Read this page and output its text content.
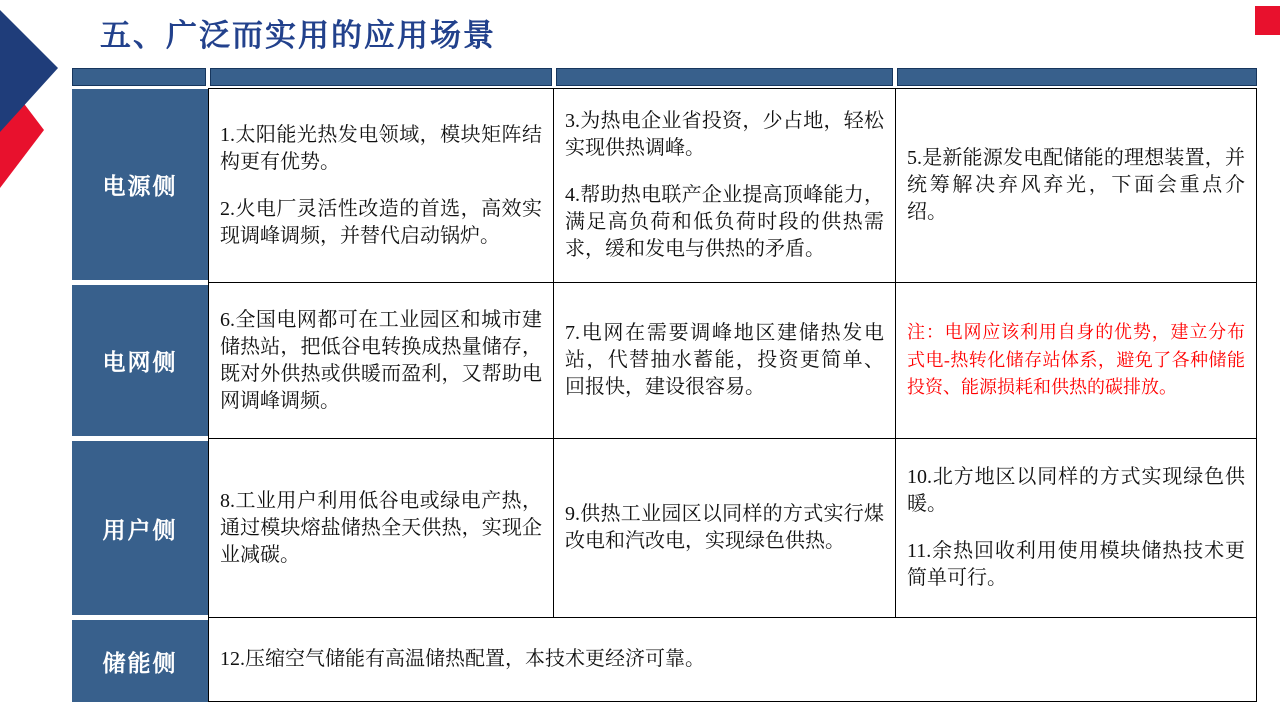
五、广泛而实用的应用场景
电源侧
电网侧
用户侧
储能侧

1.太阳能光热发电领域，模块矩阵结构更有优势。

2.火电厂灵活性改造的首选，高效实现调峰调频，并替代启动锅炉。

3.为热电企业省投资，少占地，轻松实现供热调峰。

4.帮助热电联产企业提高顶峰能力，满足高负荷和低负荷时段的供热需求，缓和发电与供热的矛盾。

5.是新能源发电配储能的理想装置，并统筹解决弃风弃光，下面会重点介绍。

6.全国电网都可在工业园区和城市建储热站，把低谷电转换成热量储存，既对外供热或供暖而盈利，又帮助电网调峰调频。

7.电网在需要调峰地区建储热发电站，代替抽水蓄能，投资更简单、回报快，建设很容易。

注：电网应该利用自身的优势，建立分布式电-热转化储存站体系，避免了各种储能投资、能源损耗和供热的碳排放。

8.工业用户利用低谷电或绿电产热，通过模块熔盐储热全天供热，实现企业减碳。

9.供热工业园区以同样的方式实行煤改电和汽改电，实现绿色供热。

10.北方地区以同样的方式实现绿色供暖。

11.余热回收利用使用模块储热技术更简单可行。

12.压缩空气储能有高温储热配置，本技术更经济可靠。
